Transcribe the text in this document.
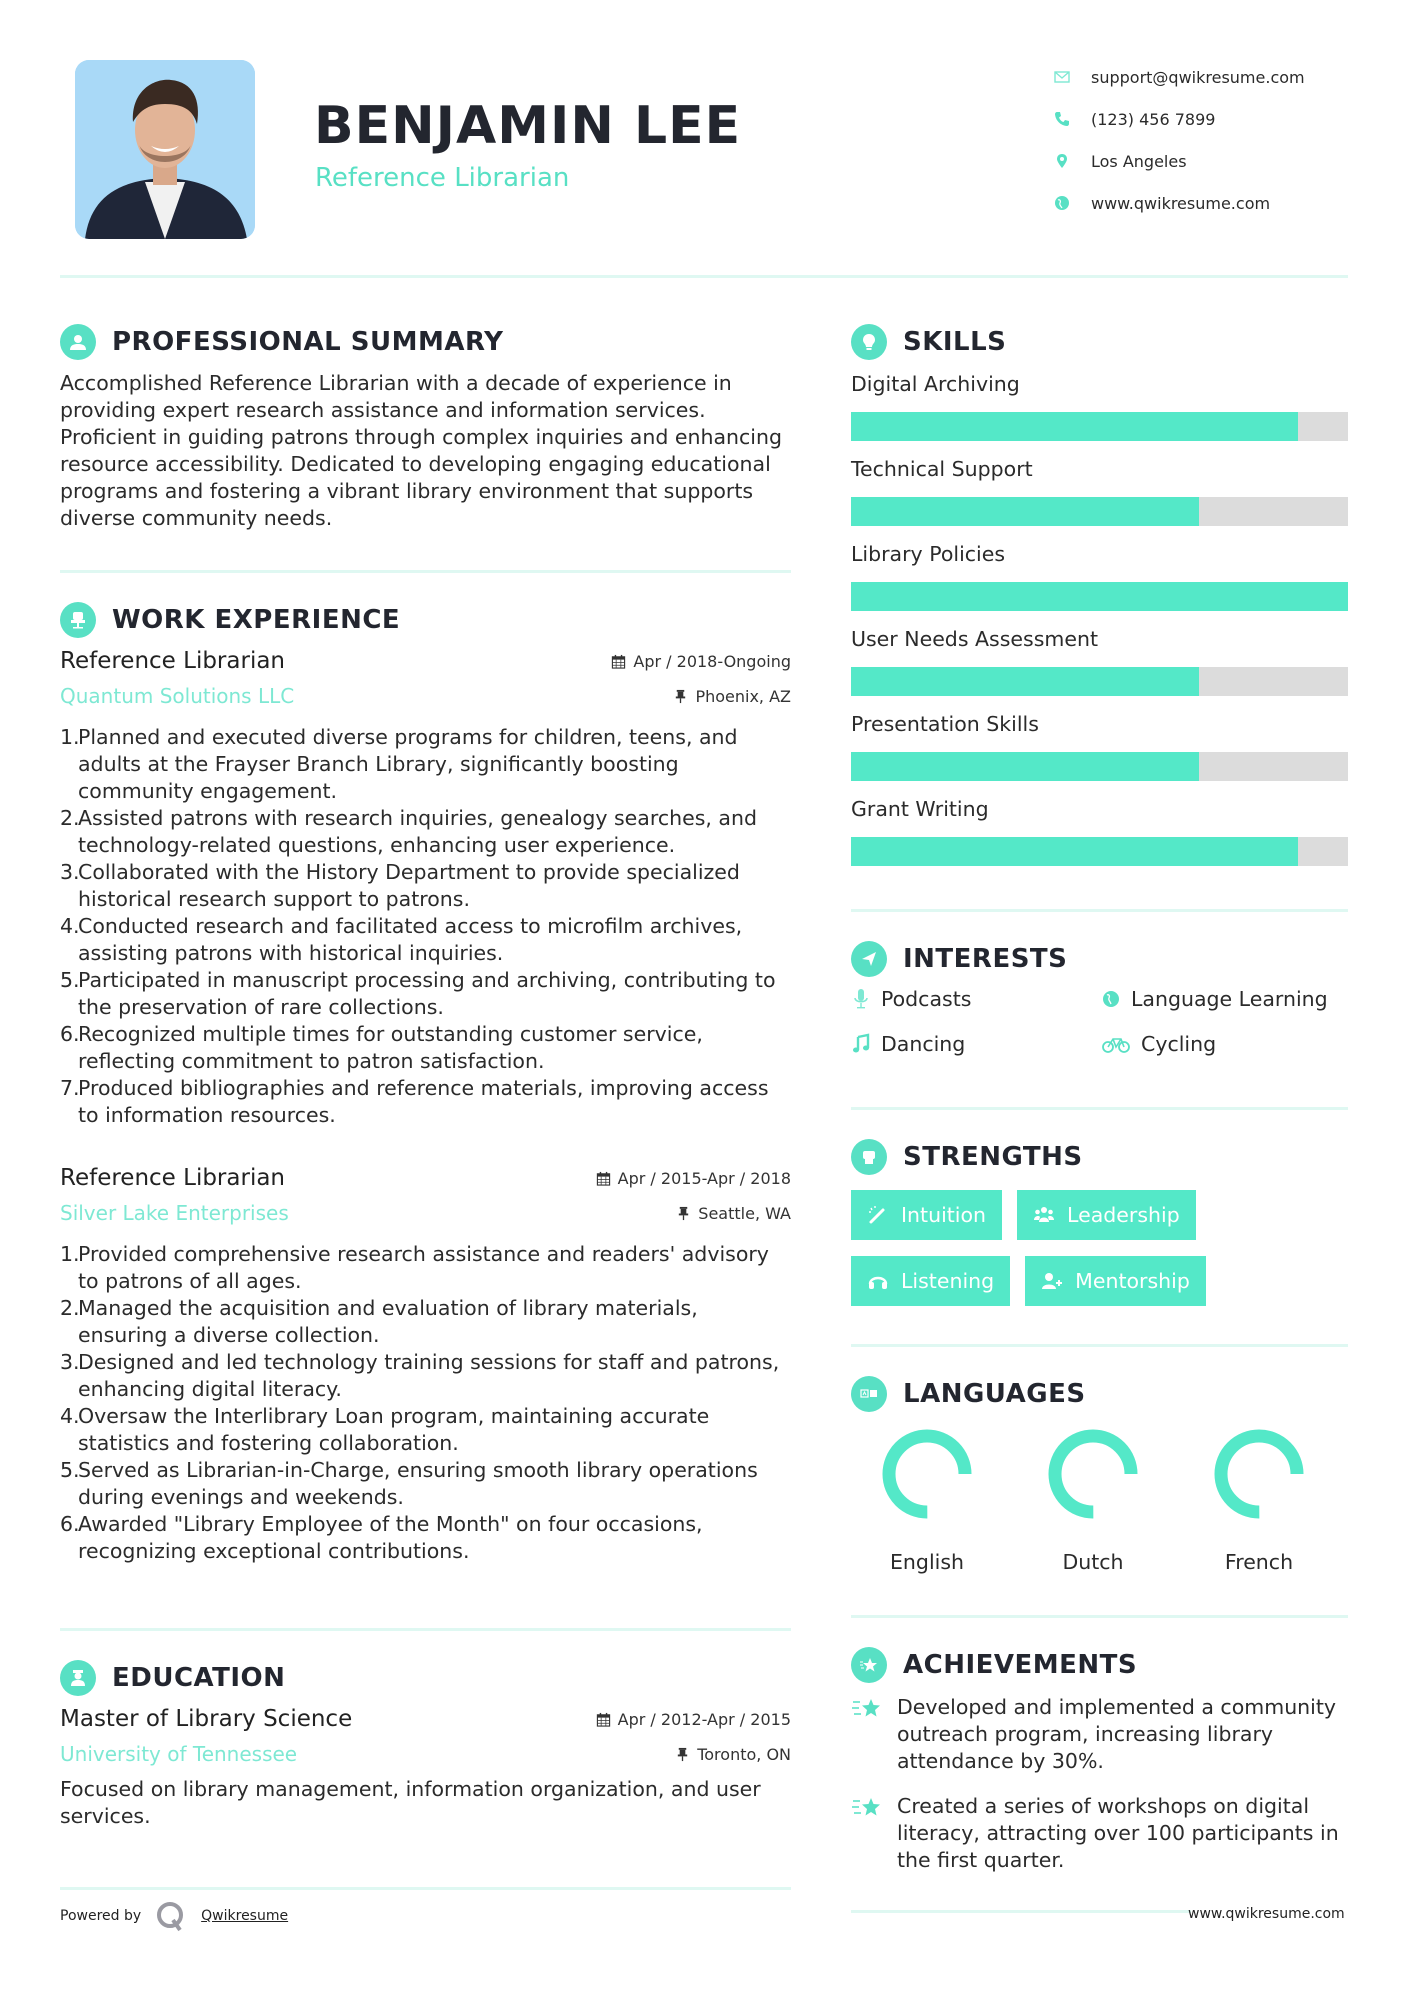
BENJAMIN LEE
Reference Librarian
support@qwikresume.com
(123) 456 7899
Los Angeles
www.qwikresume.com
PROFESSIONAL SUMMARY
Accomplished Reference Librarian with a decade of experience in providing expert research assistance and information services. Proficient in guiding patrons through complex inquiries and enhancing resource accessibility. Dedicated to developing engaging educational programs and fostering a vibrant library environment that supports diverse community needs.
WORK EXPERIENCE
Reference Librarian	Apr / 2018-Ongoing
Quantum Solutions LLC	Phoenix, AZ
1.
Planned and executed diverse programs for children, teens, and adults at the Frayser Branch Library, significantly boosting community engagement.
2.
Assisted patrons with research inquiries, genealogy searches, and technology-related questions, enhancing user experience.
3.
Collaborated with the History Department to provide specialized historical research support to patrons.
4.
Conducted research and facilitated access to microfilm archives, assisting patrons with historical inquiries.
5.
Participated in manuscript processing and archiving, contributing to the preservation of rare collections.
6.
Recognized multiple times for outstanding customer service, reflecting commitment to patron satisfaction.
7.
Produced bibliographies and reference materials, improving access to information resources.
Reference Librarian	Apr / 2015-Apr / 2018
Silver Lake Enterprises	Seattle, WA
1.
Provided comprehensive research assistance and readers' advisory to patrons of all ages.
2.
Managed the acquisition and evaluation of library materials, ensuring a diverse collection.
3.
Designed and led technology training sessions for staff and patrons, enhancing digital literacy.
4.
Oversaw the Interlibrary Loan program, maintaining accurate statistics and fostering collaboration.
5.
Served as Librarian-in-Charge, ensuring smooth library operations during evenings and weekends.
6.
Awarded "Library Employee of the Month" on four occasions, recognizing exceptional contributions.
EDUCATION
Master of Library Science	Apr / 2012-Apr / 2015
University of Tennessee	Toronto, ON
Focused on library management, information organization, and user services.
Powered by	Qwikresume
SKILLS
Digital Archiving
Technical Support
Library Policies
User Needs Assessment
Presentation Skills
Grant Writing
INTERESTS
Podcasts	Language Learning
Dancing	Cycling
STRENGTHS
Intuition	Leadership
Listening	Mentorship
LANGUAGES
English	Dutch	French
ACHIEVEMENTS
Developed and implemented a community outreach program, increasing library attendance by 30%.
Created a series of workshops on digital literacy, attracting over 100 participants in the first quarter.
www.qwikresume.com
